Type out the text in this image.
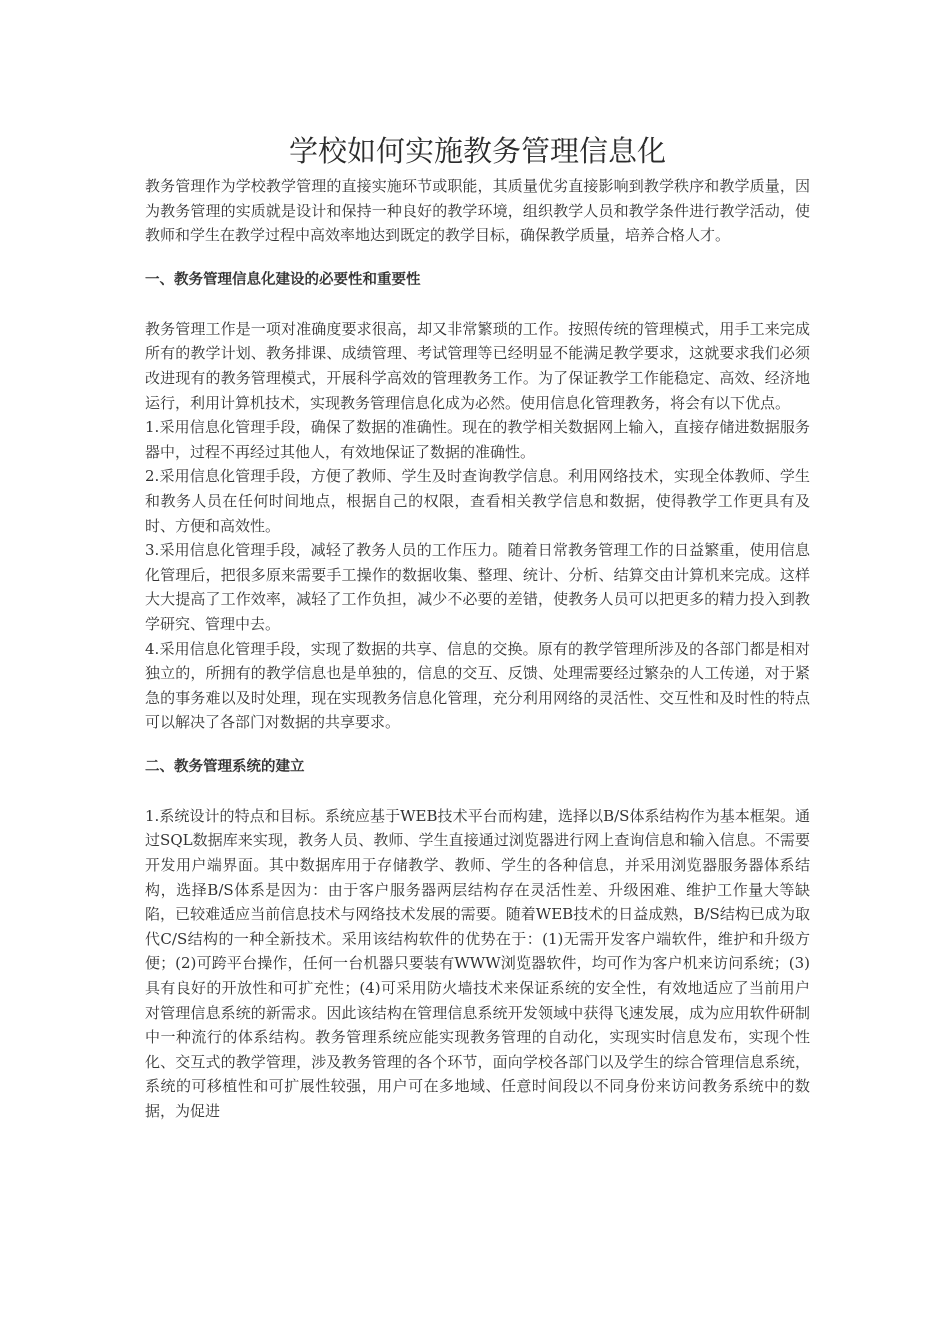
学校如何实施教务管理信息化

教务管理作为学校教学管理的直接实施环节或职能，其质量优劣直接影响到教学秩序和教学质量，因为教务管理的实质就是设计和保持一种良好的教学环境，组织教学人员和教学条件进行教学活动，使教师和学生在教学过程中高效率地达到既定的教学目标，确保教学质量，培养合格人才。

一、教务管理信息化建设的必要性和重要性

教务管理工作是一项对准确度要求很高，却又非常繁琐的工作。按照传统的管理模式，用手工来完成所有的教学计划、教务排课、成绩管理、考试管理等已经明显不能满足教学要求，这就要求我们必须改进现有的教务管理模式，开展科学高效的管理教务工作。为了保证教学工作能稳定、高效、经济地运行，利用计算机技术，实现教务管理信息化成为必然。使用信息化管理教务，将会有以下优点。

1.采用信息化管理手段，确保了数据的准确性。现在的教学相关数据网上输入，直接存储进数据服务器中，过程不再经过其他人，有效地保证了数据的准确性。

2.采用信息化管理手段，方便了教师、学生及时查询教学信息。利用网络技术，实现全体教师、学生和教务人员在任何时间地点，根据自己的权限，查看相关教学信息和数据，使得教学工作更具有及时、方便和高效性。

3.采用信息化管理手段，减轻了教务人员的工作压力。随着日常教务管理工作的日益繁重，使用信息化管理后，把很多原来需要手工操作的数据收集、整理、统计、分析、结算交由计算机来完成。这样大大提高了工作效率，减轻了工作负担，减少不必要的差错，使教务人员可以把更多的精力投入到教学研究、管理中去。

4.采用信息化管理手段，实现了数据的共享、信息的交换。原有的教学管理所涉及的各部门都是相对独立的，所拥有的教学信息也是单独的，信息的交互、反馈、处理需要经过繁杂的人工传递，对于紧急的事务难以及时处理，现在实现教务信息化管理，充分利用网络的灵活性、交互性和及时性的特点可以解决了各部门对数据的共享要求。

二、教务管理系统的建立

1.系统设计的特点和目标。系统应基于WEB技术平台而构建，选择以B/S体系结构作为基本框架。通过SQL数据库来实现，教务人员、教师、学生直接通过浏览器进行网上查询信息和输入信息。不需要开发用户端界面。其中数据库用于存储教学、教师、学生的各种信息，并采用浏览器服务器体系结构，选择B/S体系是因为：由于客户服务器两层结构存在灵活性差、升级困难、维护工作量大等缺陷，已较难适应当前信息技术与网络技术发展的需要。随着WEB技术的日益成熟，B/S结构已成为取代C/S结构的一种全新技术。采用该结构软件的优势在于：(1)无需开发客户端软件，维护和升级方便；(2)可跨平台操作，任何一台机器只要装有WWW浏览器软件，均可作为客户机来访问系统；(3)具有良好的开放性和可扩充性；(4)可采用防火墙技术来保证系统的安全性，有效地适应了当前用户对管理信息系统的新需求。因此该结构在管理信息系统开发领域中获得飞速发展，成为应用软件研制中一种流行的体系结构。教务管理系统应能实现教务管理的自动化，实现实时信息发布，实现个性化、交互式的教学管理，涉及教务管理的各个环节，面向学校各部门以及学生的综合管理信息系统，系统的可移植性和可扩展性较强，用户可在多地域、任意时间段以不同身份来访问教务系统中的数据，为促进
